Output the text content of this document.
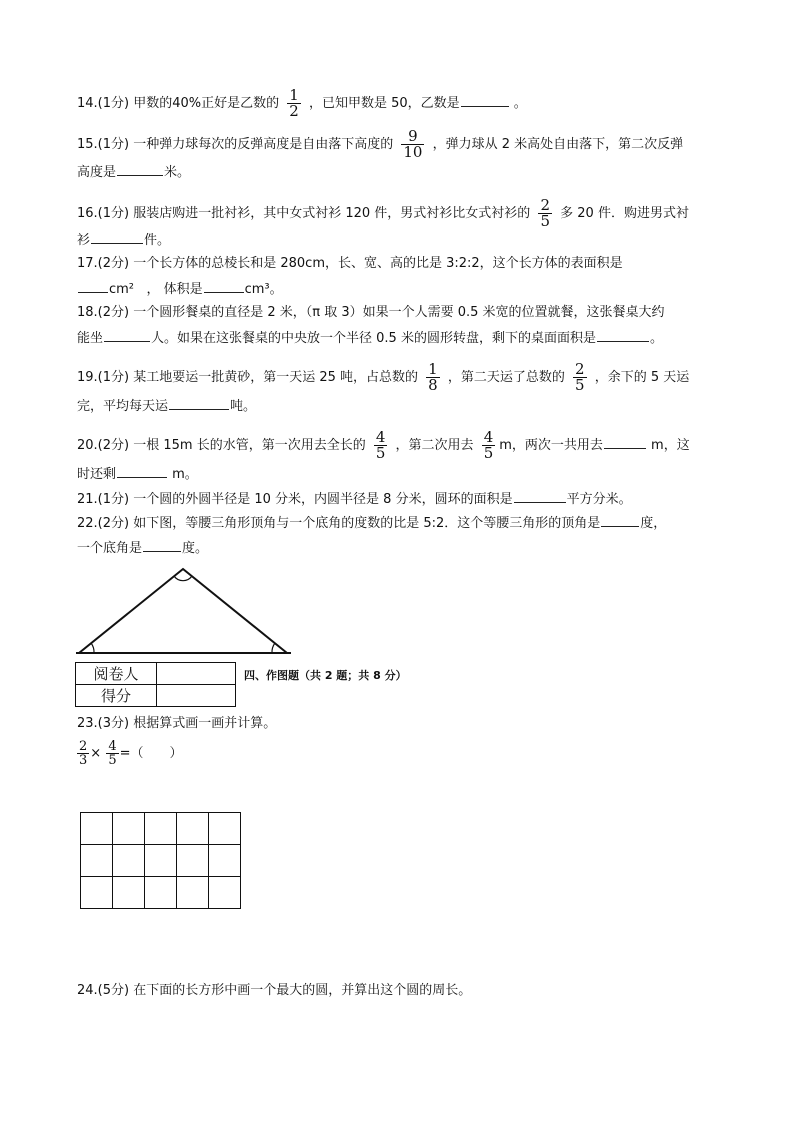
14.(1分) 甲数的40%正好是乙数的 $\frac{1}{2}$ ，已知甲数是 50，乙数是	。
15.(1分) 一种弹力球每次的反弹高度是自由落下高度的 $\frac{9}{10}$ ，弹力球从 2 米高处自由落下，第二次反弹
高度是	米。
16.(1分) 服装店购进一批衬衫，其中女式衬衫 120 件，男式衬衫比女式衬衫的 $\frac{2}{5}$ 多 20 件．购进男式衬
衫	件。
17.(2分) 一个长方体的总棱长和是 280cm，长、宽、高的比是 3:2:2，这个长方体的表面积是
cm² ， 体积是	cm³。
18.(2分) 一个圆形餐桌的直径是 2 米，（π 取 3）如果一个人需要 0.5 米宽的位置就餐，这张餐桌大约
能坐	人。如果在这张餐桌的中央放一个半径 0.5 米的圆形转盘，剩下的桌面面积是	。
19.(1分) 某工地要运一批黄砂，第一天运 25 吨，占总数的 $\frac{1}{8}$ ，第二天运了总数的 $\frac{2}{5}$ ，余下的 5 天运
完，平均每天运	吨。
20.(2分) 一根 15m 长的水管，第一次用去全长的 $\frac{4}{5}$ ，第二次用去 $\frac{4}{5}$ m，两次一共用去	m，这
时还剩	m。
21.(1分) 一个圆的外圆半径是 10 分米，内圆半径是 8 分米，圆环的面积是	平方分米。
22.(2分) 如下图，等腰三角形顶角与一个底角的度数的比是 5:2．这个等腰三角形的顶角是	度，
一个底角是	度。
阅卷人	
得分	
四、作图题（共 2 题；共 8 分）
23.(3分) 根据算式画一画并计算。
$\frac{2}{3} \times \frac{4}{5}$ =（　　）

24.(5分) 在下面的长方形中画一个最大的圆，并算出这个圆的周长。
